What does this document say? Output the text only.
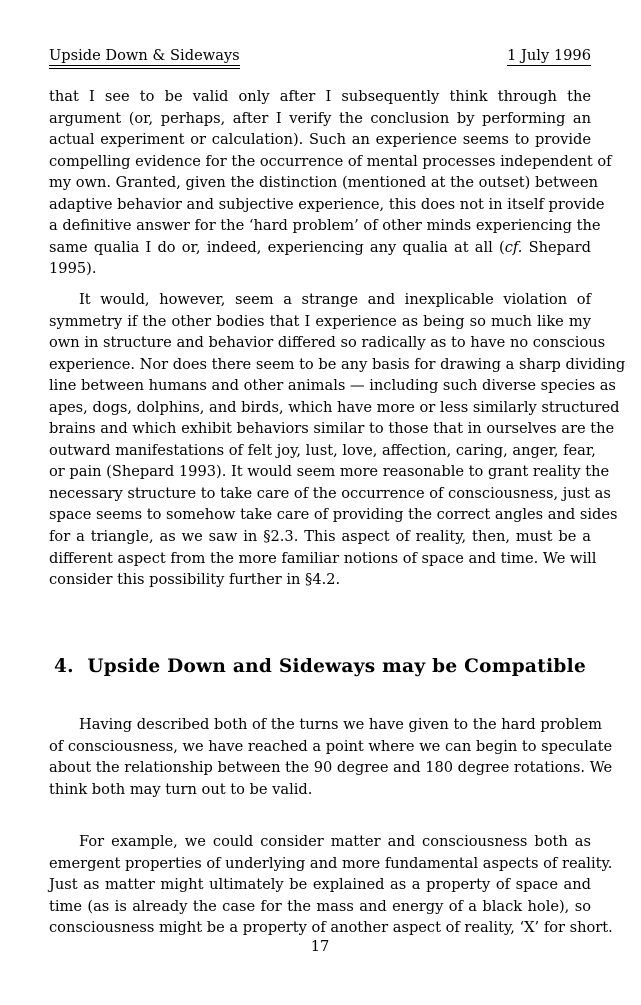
Upside Down & Sideways	1 July 1996
that I see to be valid only after I subsequently think through the
argument (or, perhaps, after I verify the conclusion by performing an
actual experiment or calculation). Such an experience seems to provide
compelling evidence for the occurrence of mental processes independent of
my own. Granted, given the distinction (mentioned at the outset) between
adaptive behavior and subjective experience, this does not in itself provide
a definitive answer for the ‘hard problem’ of other minds experiencing the
same qualia I do or, indeed, experiencing any qualia at all (cf. Shepard
1995).
It would, however, seem a strange and inexplicable violation of
symmetry if the other bodies that I experience as being so much like my
own in structure and behavior differed so radically as to have no conscious
experience. Nor does there seem to be any basis for drawing a sharp dividing
line between humans and other animals — including such diverse species as
apes, dogs, dolphins, and birds, which have more or less similarly structured
brains and which exhibit behaviors similar to those that in ourselves are the
outward manifestations of felt joy, lust, love, affection, caring, anger, fear,
or pain (Shepard 1993). It would seem more reasonable to grant reality the
necessary structure to take care of the occurrence of consciousness, just as
space seems to somehow take care of providing the correct angles and sides
for a triangle, as we saw in §2.3. This aspect of reality, then, must be a
different aspect from the more familiar notions of space and time. We will
consider this possibility further in §4.2.
4. Upside Down and Sideways may be Compatible
Having described both of the turns we have given to the hard problem
of consciousness, we have reached a point where we can begin to speculate
about the relationship between the 90 degree and 180 degree rotations. We
think both may turn out to be valid.
For example, we could consider matter and consciousness both as
emergent properties of underlying and more fundamental aspects of reality.
Just as matter might ultimately be explained as a property of space and
time (as is already the case for the mass and energy of a black hole), so
consciousness might be a property of another aspect of reality, ‘X’ for short.
17
